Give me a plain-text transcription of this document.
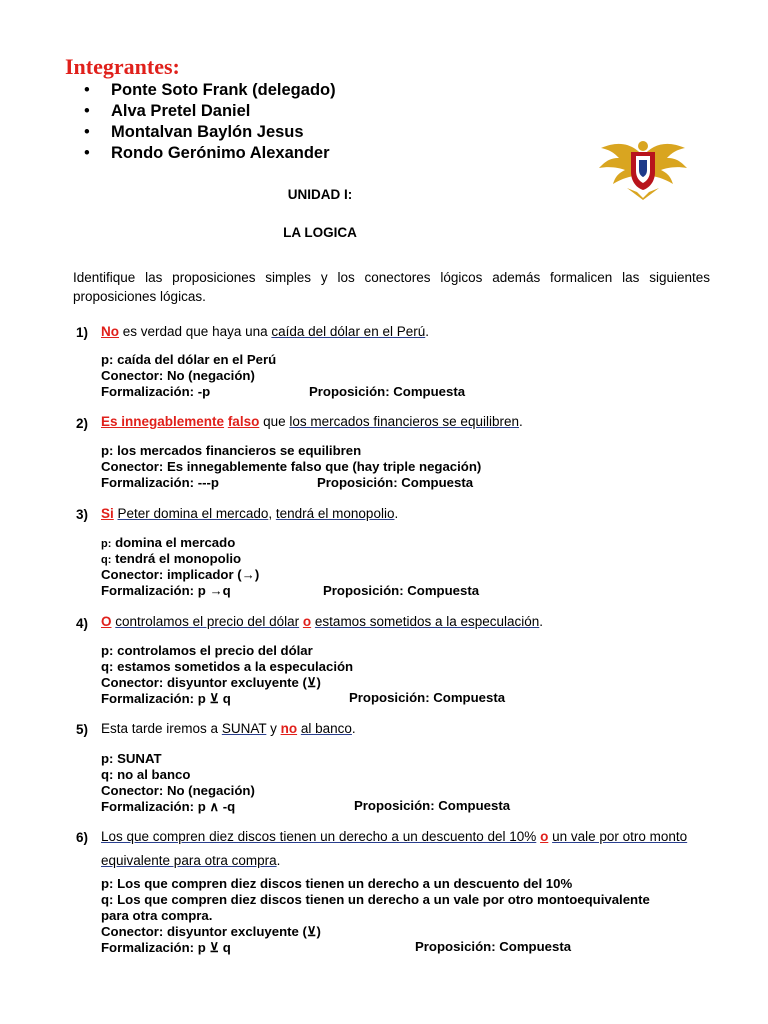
Integrantes:
• Ponte Soto Frank (delegado)
• Alva Pretel Daniel
• Montalvan Baylón Jesus
• Rondo Gerónimo Alexander
UNIDAD I:
LA LOGICA
Identifique las proposiciones simples y los conectores lógicos además formalicen las siguientes proposiciones lógicas.
1) No es verdad que haya una caída del dólar en el Perú.
p: caída del dólar en el Perú
Conector: No (negación)
Formalización: -p	Proposición: Compuesta
2) Es innegablemente falso que los mercados financieros se equilibren.
p: los mercados financieros se equilibren
Conector: Es innegablemente falso que (hay triple negación)
Formalización: ---p	Proposición: Compuesta
3) Si Peter domina el mercado, tendrá el monopolio.
p: domina el mercado
q: tendrá el monopolio
Conector: implicador (→)
Formalización: p →q	Proposición: Compuesta
4) O controlamos el precio del dólar o estamos sometidos a la especulación.
p: controlamos el precio del dólar
q: estamos sometidos a la especulación
Conector: disyuntor excluyente (⊻)
Formalización: p ⊻ q	Proposición: Compuesta
5) Esta tarde iremos a SUNAT y no al banco.
p: SUNAT
q: no al banco
Conector: No (negación)
Formalización: p ∧ -q	Proposición: Compuesta
6) Los que compren diez discos tienen un derecho a un descuento del 10% o un vale por otro monto equivalente para otra compra.
p: Los que compren diez discos tienen un derecho a un descuento del 10%
q: Los que compren diez discos tienen un derecho a un vale por otro montoequivalente
para otra compra.
Conector: disyuntor excluyente (⊻)
Formalización: p ⊻ q	Proposición: Compuesta
